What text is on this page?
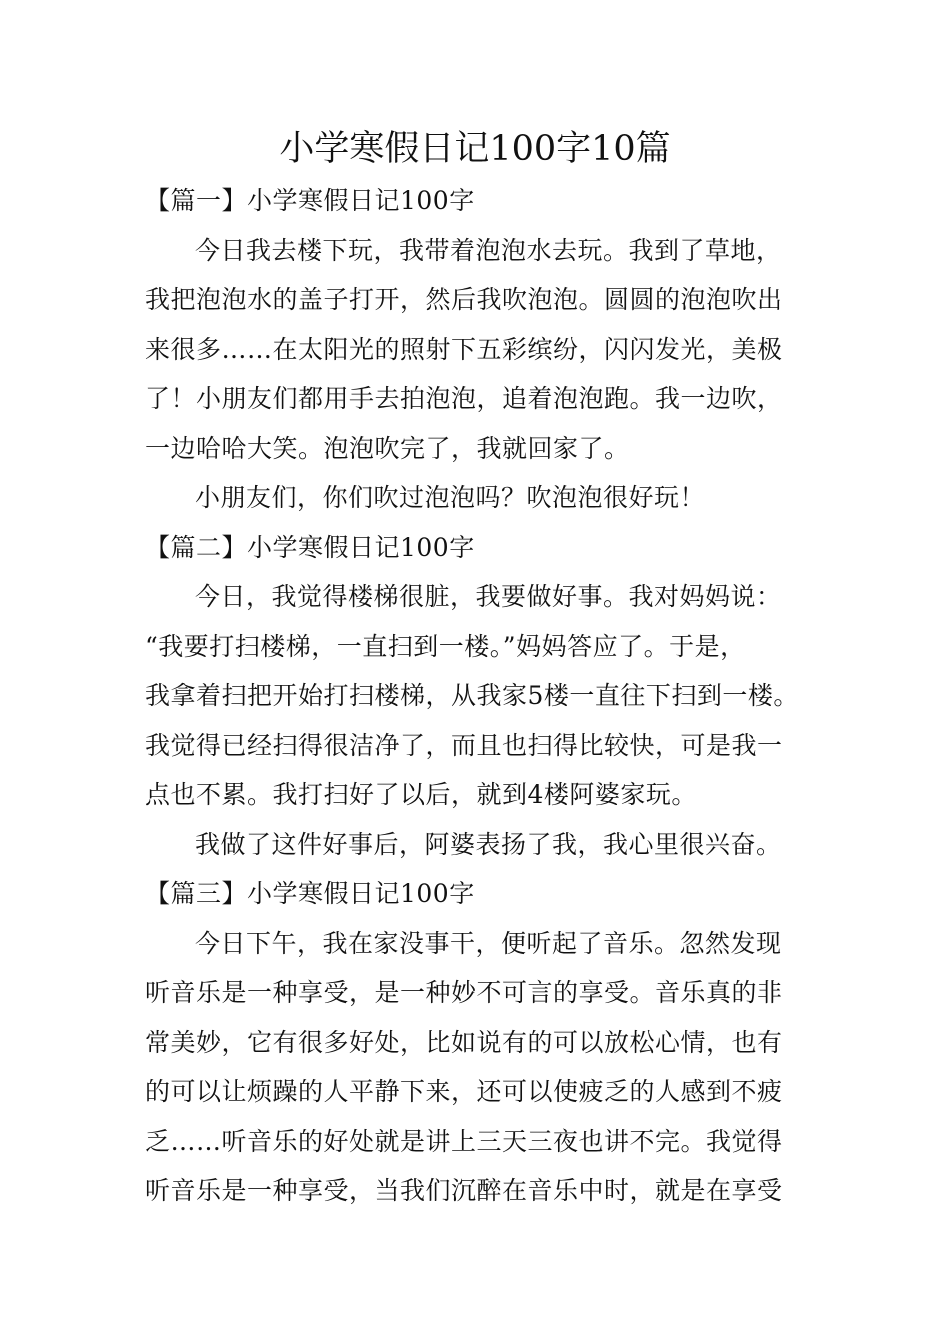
小学寒假日记100字10篇
【篇一】小学寒假日记100字

今日我去楼下玩，我带着泡泡水去玩。我到了草地，
我把泡泡水的盖子打开，然后我吹泡泡。圆圆的泡泡吹出
来很多……在太阳光的照射下五彩缤纷，闪闪发光，美极
了！小朋友们都用手去拍泡泡，追着泡泡跑。我一边吹，
一边哈哈大笑。泡泡吹完了，我就回家了。

小朋友们，你们吹过泡泡吗？吹泡泡很好玩！

【篇二】小学寒假日记100字

今日，我觉得楼梯很脏，我要做好事。我对妈妈说：
“我要打扫楼梯，一直扫到一楼。”妈妈答应了。于是，
我拿着扫把开始打扫楼梯，从我家5楼一直往下扫到一楼。
我觉得已经扫得很洁净了，而且也扫得比较快，可是我一
点也不累。我打扫好了以后，就到4楼阿婆家玩。

我做了这件好事后，阿婆表扬了我，我心里很兴奋。

【篇三】小学寒假日记100字

今日下午，我在家没事干，便听起了音乐。忽然发现
听音乐是一种享受，是一种妙不可言的享受。音乐真的非
常美妙，它有很多好处，比如说有的可以放松心情，也有
的可以让烦躁的人平静下来，还可以使疲乏的人感到不疲
乏……听音乐的好处就是讲上三天三夜也讲不完。我觉得
听音乐是一种享受，当我们沉醉在音乐中时，就是在享受
